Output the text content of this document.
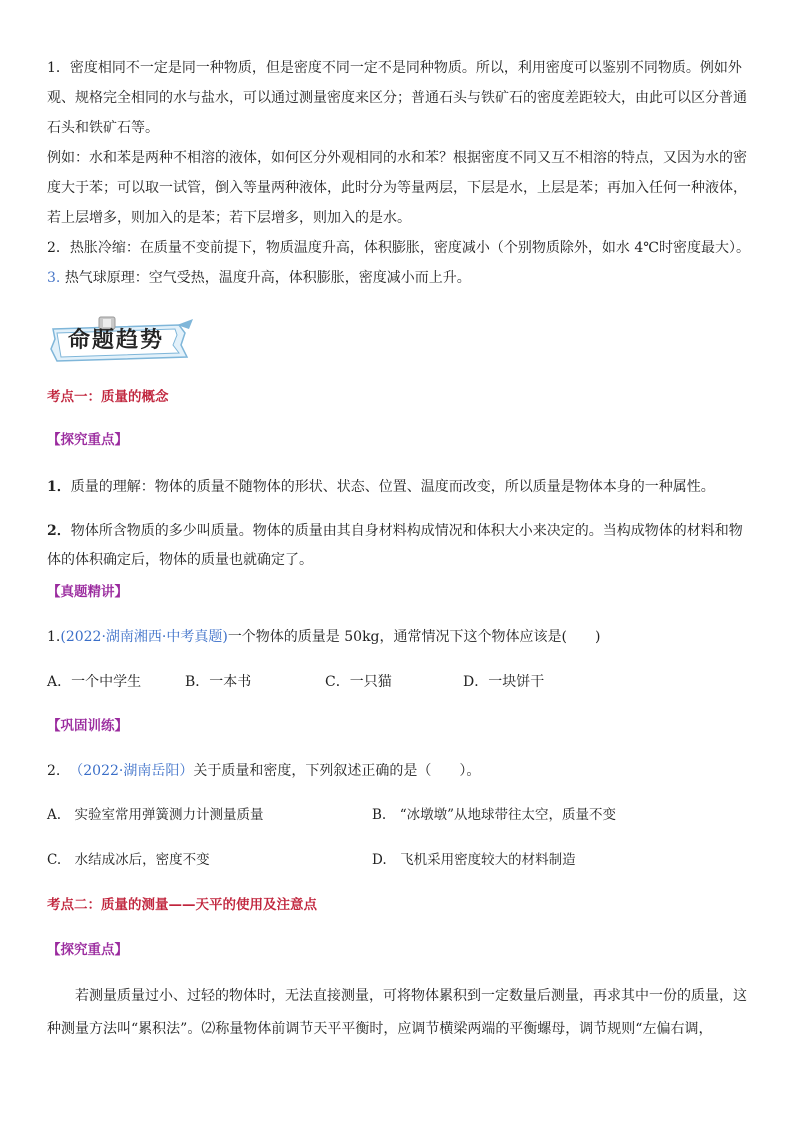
1．密度相同不一定是同一种物质，但是密度不同一定不是同种物质。所以，利用密度可以鉴别不同物质。例如外

观、规格完全相同的水与盐水，可以通过测量密度来区分；普通石头与铁矿石的密度差距较大，由此可以区分普通

石头和铁矿石等。

例如：水和苯是两种不相溶的液体，如何区分外观相同的水和苯？根据密度不同又互不相溶的特点，又因为水的密

度大于苯；可以取一试管，倒入等量两种液体，此时分为等量两层，下层是水，上层是苯；再加入任何一种液体，

若上层增多，则加入的是苯；若下层增多，则加入的是水。

2．热胀冷缩：在质量不变前提下，物质温度升高，体积膨胀，密度减小（个别物质除外，如水 4℃时密度最大）。

3. 热气球原理：空气受热，温度升高，体积膨胀，密度减小而上升。

命题趋势

考点一：质量的概念

【探究重点】

1．质量的理解：物体的质量不随物体的形状、状态、位置、温度而改变，所以质量是物体本身的一种属性。

2．物体所含物质的多少叫质量。物体的质量由其自身材料构成情况和体积大小来决定的。当构成物体的材料和物

体的体积确定后，物体的质量也就确定了。

【真题精讲】

1.(2022·湖南湘西·中考真题)一个物体的质量是 50kg，通常情况下这个物体应该是(　　)

A．一个中学生	B．一本书	C．一只猫	D．一块饼干

【巩固训练】

2. （2022·湖南岳阳）关于质量和密度，下列叙述正确的是（　　）。

A.　实验室常用弹簧测力计测量质量	B.　“冰墩墩”从地球带往太空，质量不变
C.　水结成冰后，密度不变	D.　飞机采用密度较大的材料制造

考点二：质量的测量——天平的使用及注意点

【探究重点】

若测量质量过小、过轻的物体时，无法直接测量，可将物体累积到一定数量后测量，再求其中一份的质量，这

种测量方法叫“累积法”。⑵称量物体前调节天平平衡时，应调节横梁两端的平衡螺母，调节规则“左偏右调，
